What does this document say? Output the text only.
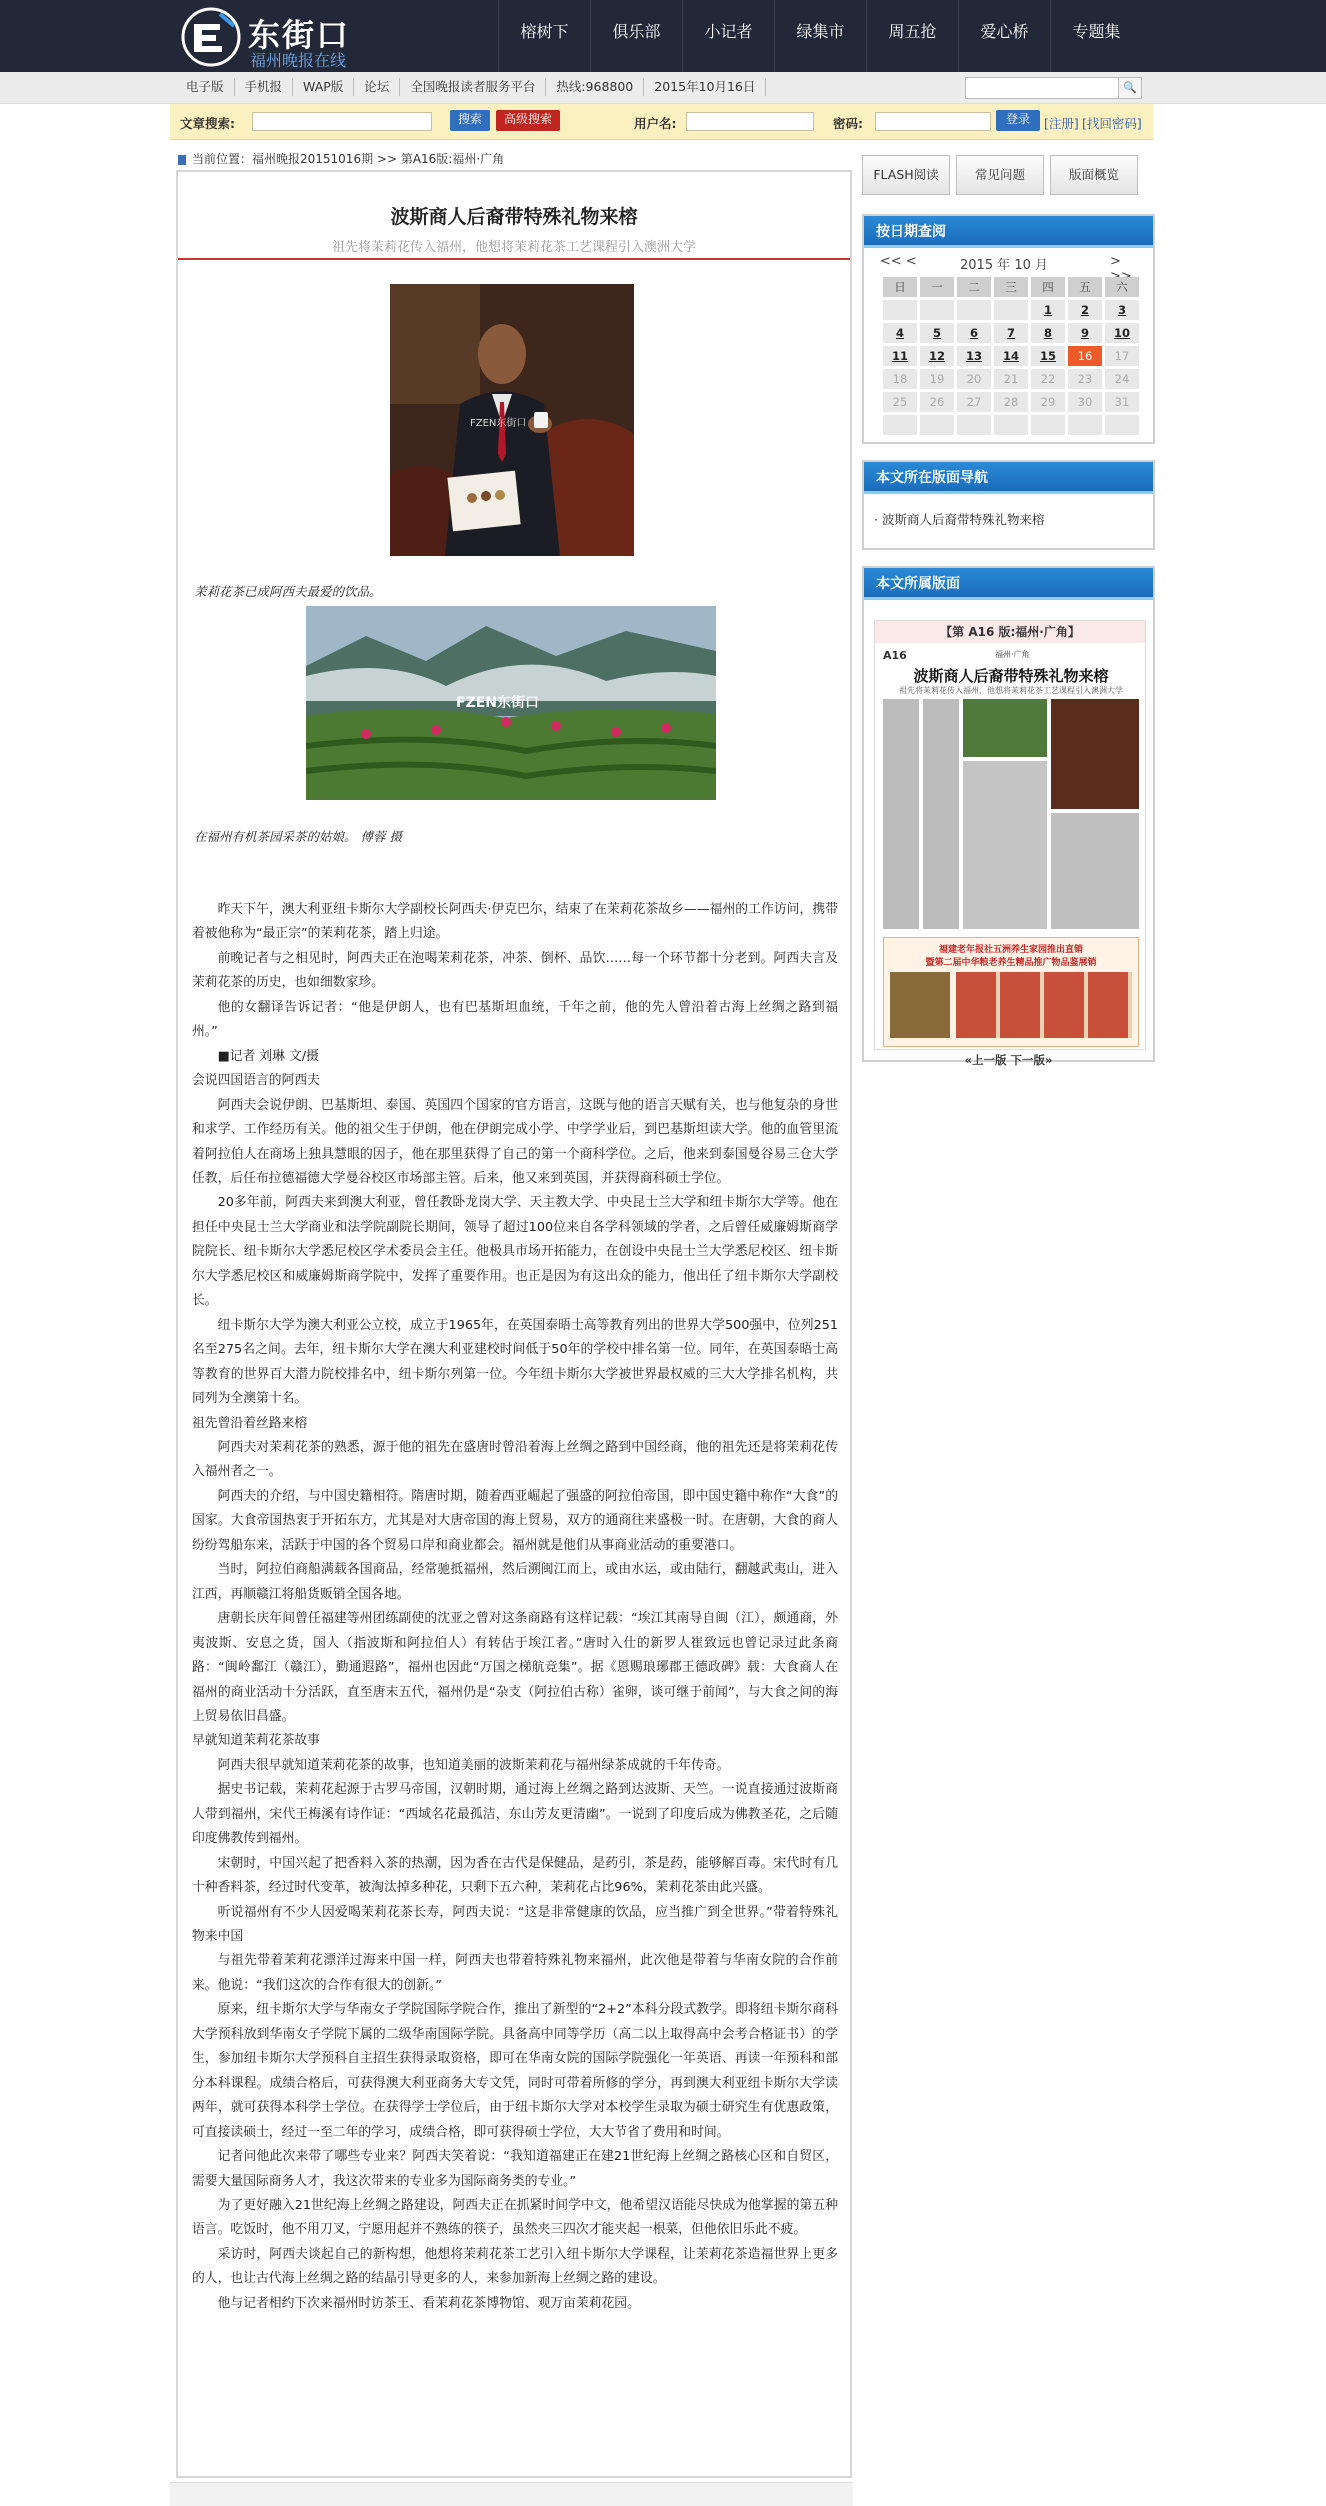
东街口
福州晚报在线
榕树下	俱乐部	小记者	绿集市	周五抢	爱心桥	专题集
电子版	手机报	WAP版	论坛	全国晚报读者服务平台	热线:968800	2015年10月16日	🔍
文章搜索:	搜索	高级搜索	用户名:	密码:	登录	[注册] [找回密码]
当前位置：福州晚报20151016期 >> 第A16版:福州·广角
波斯商人后裔带特殊礼物来榕
祖先将茉莉花传入福州，他想将茉莉花茶工艺课程引入澳洲大学
FZEN东街口
茉莉花茶已成阿西夫最爱的饮品。
FZEN东街口
在福州有机茶园采茶的姑娘。 傅蓉 摄

昨天下午，澳大利亚纽卡斯尔大学副校长阿西夫·伊克巴尔，结束了在茉莉花茶故乡——福州的工作访问，携带着被他称为“最正宗”的茉莉花茶，踏上归途。

前晚记者与之相见时，阿西夫正在泡喝茉莉花茶，冲茶、倒杯、品饮……每一个环节都十分老到。阿西夫言及茉莉花茶的历史，也如细数家珍。

他的女翻译告诉记者：“他是伊朗人，也有巴基斯坦血统，千年之前，他的先人曾沿着古海上丝绸之路到福州。”

■记者 刘琳 文/摄

会说四国语言的阿西夫

阿西夫会说伊朗、巴基斯坦、泰国、英国四个国家的官方语言，这既与他的语言天赋有关，也与他复杂的身世和求学、工作经历有关。他的祖父生于伊朗，他在伊朗完成小学、中学学业后，到巴基斯坦读大学。他的血管里流着阿拉伯人在商场上独具慧眼的因子，他在那里获得了自己的第一个商科学位。之后，他来到泰国曼谷易三仓大学任教，后任布拉德福德大学曼谷校区市场部主管。后来，他又来到英国，并获得商科硕士学位。

20多年前，阿西夫来到澳大利亚，曾任教卧龙岗大学、天主教大学、中央昆士兰大学和纽卡斯尔大学等。他在担任中央昆士兰大学商业和法学院副院长期间，领导了超过100位来自各学科领域的学者，之后曾任威廉姆斯商学院院长、纽卡斯尔大学悉尼校区学术委员会主任。他极具市场开拓能力，在创设中央昆士兰大学悉尼校区、纽卡斯尔大学悉尼校区和威廉姆斯商学院中，发挥了重要作用。也正是因为有这出众的能力，他出任了纽卡斯尔大学副校长。

纽卡斯尔大学为澳大利亚公立校，成立于1965年，在英国泰晤士高等教育列出的世界大学500强中，位列251名至275名之间。去年，纽卡斯尔大学在澳大利亚建校时间低于50年的学校中排名第一位。同年，在英国泰晤士高等教育的世界百大潜力院校排名中，纽卡斯尔列第一位。今年纽卡斯尔大学被世界最权威的三大大学排名机构，共同列为全澳第十名。

祖先曾沿着丝路来榕

阿西夫对茉莉花茶的熟悉，源于他的祖先在盛唐时曾沿着海上丝绸之路到中国经商，他的祖先还是将茉莉花传入福州者之一。

阿西夫的介绍，与中国史籍相符。隋唐时期，随着西亚崛起了强盛的阿拉伯帝国，即中国史籍中称作“大食”的国家。大食帝国热衷于开拓东方，尤其是对大唐帝国的海上贸易，双方的通商往来盛极一时。在唐朝，大食的商人纷纷驾船东来，活跃于中国的各个贸易口岸和商业都会。福州就是他们从事商业活动的重要港口。

当时，阿拉伯商船满载各国商品，经常驰抵福州，然后溯闽江而上，或由水运，或由陆行，翻越武夷山，进入江西，再顺赣江将船货贩销全国各地。

唐朝长庆年间曾任福建等州团练副使的沈亚之曾对这条商路有这样记载：“埃江其南导自闽（江），颇通商，外夷波斯、安息之货，国人（指波斯和阿拉伯人）有转估于埃江者。”唐时入仕的新罗人崔致远也曾记录过此条商路：“闽岭鄱江（赣江），勤通遐路”，福州也因此“万国之梯航竞集”。据《恩赐琅琊郡王德政碑》载：大食商人在福州的商业活动十分活跃，直至唐末五代，福州仍是“杂支（阿拉伯古称）雀卵，谈可继于前闻”，与大食之间的海上贸易依旧昌盛。

早就知道茉莉花茶故事

阿西夫很早就知道茉莉花茶的故事，也知道美丽的波斯茉莉花与福州绿茶成就的千年传奇。

据史书记载，茉莉花起源于古罗马帝国，汉朝时期，通过海上丝绸之路到达波斯、天竺。一说直接通过波斯商人带到福州，宋代王梅溪有诗作证：“西域名花最孤洁，东山芳友更清幽”。一说到了印度后成为佛教圣花，之后随印度佛教传到福州。

宋朝时，中国兴起了把香料入茶的热潮，因为香在古代是保健品，是药引，茶是药，能够解百毒。宋代时有几十种香料茶，经过时代变革，被淘汰掉多种花，只剩下五六种，茉莉花占比96%，茉莉花茶由此兴盛。

听说福州有不少人因爱喝茉莉花茶长寿，阿西夫说：“这是非常健康的饮品，应当推广到全世界。”带着特殊礼物来中国

与祖先带着茉莉花漂洋过海来中国一样，阿西夫也带着特殊礼物来福州，此次他是带着与华南女院的合作前来。他说：“我们这次的合作有很大的创新。”

原来，纽卡斯尔大学与华南女子学院国际学院合作，推出了新型的“2+2”本科分段式教学。即将纽卡斯尔商科大学预科放到华南女子学院下属的二级华南国际学院。具备高中同等学历（高二以上取得高中会考合格证书）的学生，参加纽卡斯尔大学预科自主招生获得录取资格，即可在华南女院的国际学院强化一年英语、再读一年预科和部分本科课程。成绩合格后，可获得澳大利亚商务大专文凭，同时可带着所修的学分，再到澳大利亚纽卡斯尔大学读两年，就可获得本科学士学位。在获得学士学位后，由于纽卡斯尔大学对本校学生录取为硕士研究生有优惠政策，可直接读硕士，经过一至二年的学习，成绩合格，即可获得硕士学位，大大节省了费用和时间。

记者问他此次来带了哪些专业来？阿西夫笑着说：“我知道福建正在建21世纪海上丝绸之路核心区和自贸区，需要大量国际商务人才，我这次带来的专业多为国际商务类的专业。”

为了更好融入21世纪海上丝绸之路建设，阿西夫正在抓紧时间学中文，他希望汉语能尽快成为他掌握的第五种语言。吃饭时，他不用刀叉，宁愿用起并不熟练的筷子，虽然夹三四次才能夹起一根菜，但他依旧乐此不疲。

采访时，阿西夫谈起自己的新构想，他想将茉莉花茶工艺引入纽卡斯尔大学课程，让茉莉花茶造福世界上更多的人，也让古代海上丝绸之路的结晶引导更多的人，来参加新海上丝绸之路的建设。

他与记者相约下次来福州时访茶王、看茉莉花茶博物馆、观万亩茉莉花园。

FLASH阅读	常见问题	版面概览
按日期查阅
<< <	2015 年 10 月	>
日	一	二	三	四	五	六
				1	2	3
4	5	6	7	8	9	10
11	12	13	14	15	16	17
18	19	20	21	22	23	24
25	26	27	28	29	30	31

本文所在版面导航
· 波斯商人后裔带特殊礼物来榕
本文所属版面
【第 A16 版:福州·广角】
A16	福州·广角
波斯商人后裔带特殊礼物来榕
祖先将茉莉花传入福州，他想将茉莉花茶工艺课程引入澳洲大学
福建老年报社五洲养生家园推出直销
暨第二届中华粮老养生精品推广物品鉴展销
«上一版 下一版»
